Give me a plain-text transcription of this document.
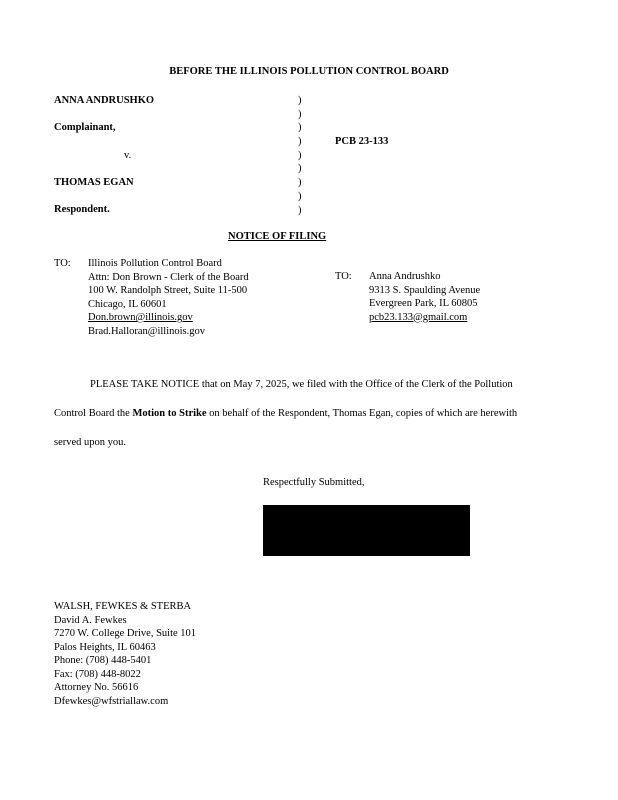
BEFORE THE ILLINOIS POLLUTION CONTROL BOARD
ANNA ANDRUSHKO
Complainant,
v.
THOMAS EGAN
Respondent.
)
)
)
)
)
)
)
)
)
PCB 23-133
NOTICE OF FILING
TO: Illinois Pollution Control Board
Attn: Don Brown - Clerk of the Board
100 W. Randolph Street, Suite 11-500
Chicago, IL 60601
Don.brown@illinois.gov
Brad.Halloran@illinois.gov
TO: Anna Andrushko
9313 S. Spaulding Avenue
Evergreen Park, IL 60805
pcb23.133@gmail.com
PLEASE TAKE NOTICE that on May 7, 2025, we filed with the Office of the Clerk of the Pollution
Control Board the Motion to Strike on behalf of the Respondent, Thomas Egan, copies of which are herewith
served upon you.
Respectfully Submitted,
WALSH, FEWKES & STERBA
David A. Fewkes
7270 W. College Drive, Suite 101
Palos Heights, IL 60463
Phone: (708) 448-5401
Fax: (708) 448-8022
Attorney No. 56616
Dfewkes@wfstriallaw.com
